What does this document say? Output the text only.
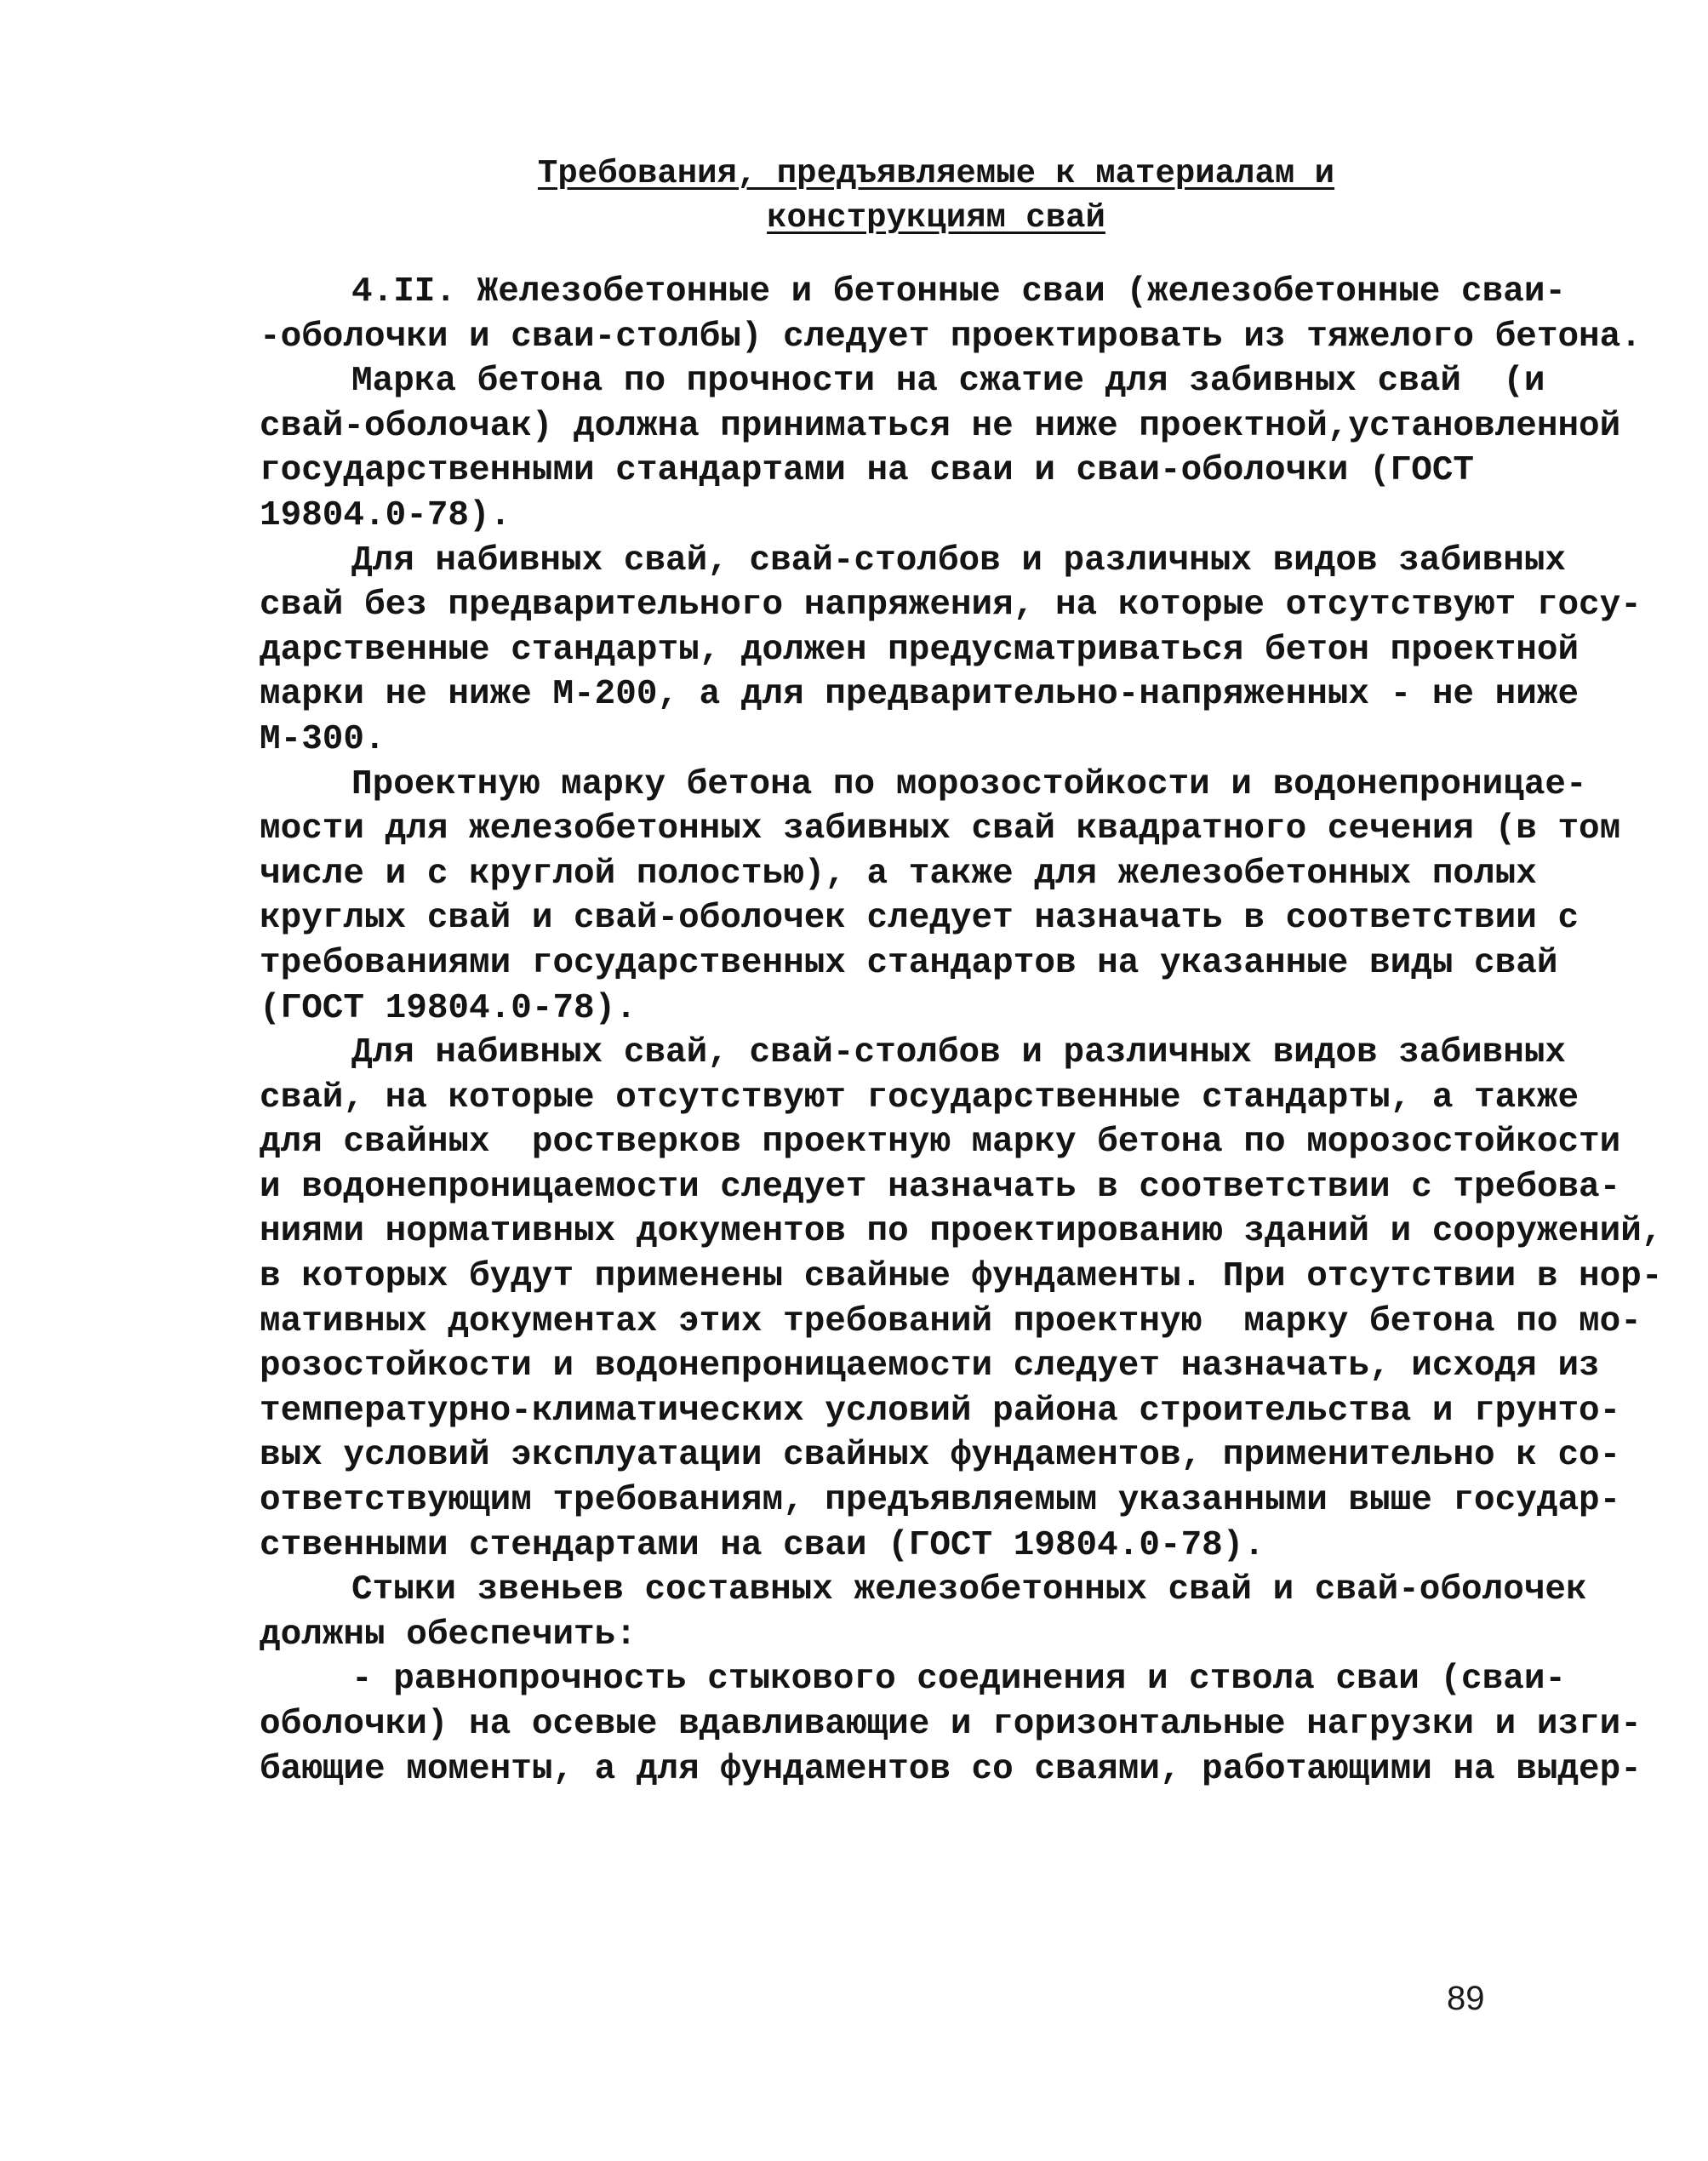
Требования, предъявляемые к материалам и
конструкциям свай
4.II. Железобетонные и бетонные сваи (железобетонные сваи-
-оболочки и сваи-столбы) следует проектировать из тяжелого бетона.
Марка бетона по прочности на сжатие для забивных свай  (и
свай-оболочак) должна приниматься не ниже проектной,установленной
государственными стандартами на сваи и сваи-оболочки (ГОСТ
19804.0-78).
Для набивных свай, свай-столбов и различных видов забивных
свай без предварительного напряжения, на которые отсутствуют госу-
дарственные стандарты, должен предусматриваться бетон проектной
марки не ниже М-200, а для предварительно-напряженных - не ниже
М-300.
Проектную марку бетона по морозостойкости и водонепроницае-
мости для железобетонных забивных свай квадратного сечения (в том
числе и с круглой полостью), а также для железобетонных полых
круглых свай и свай-оболочек следует назначать в соответствии с
требованиями государственных стандартов на указанные виды свай
(ГОСТ 19804.0-78).
Для набивных свай, свай-столбов и различных видов забивных
свай, на которые отсутствуют государственные стандарты, а также
для свайных  ростверков проектную марку бетона по морозостойкости
и водонепроницаемости следует назначать в соответствии с требова-
ниями нормативных документов по проектированию зданий и сооружений,
в которых будут применены свайные фундаменты. При отсутствии в нор-
мативных документах этих требований проектную  марку бетона по мо-
розостойкости и водонепроницаемости следует назначать, исходя из
температурно-климатических условий района строительства и грунто-
вых условий эксплуатации свайных фундаментов, применительно к со-
ответствующим требованиям, предъявляемым указанными выше государ-
ственными стендартами на сваи (ГОСТ 19804.0-78).
Стыки звеньев составных железобетонных свай и свай-оболочек
должны обеспечить:
- равнопрочность стыкового соединения и ствола сваи (сваи-
оболочки) на осевые вдавливающие и горизонтальные нагрузки и изги-
бающие моменты, а для фундаментов со сваями, работающими на выдер-
89
